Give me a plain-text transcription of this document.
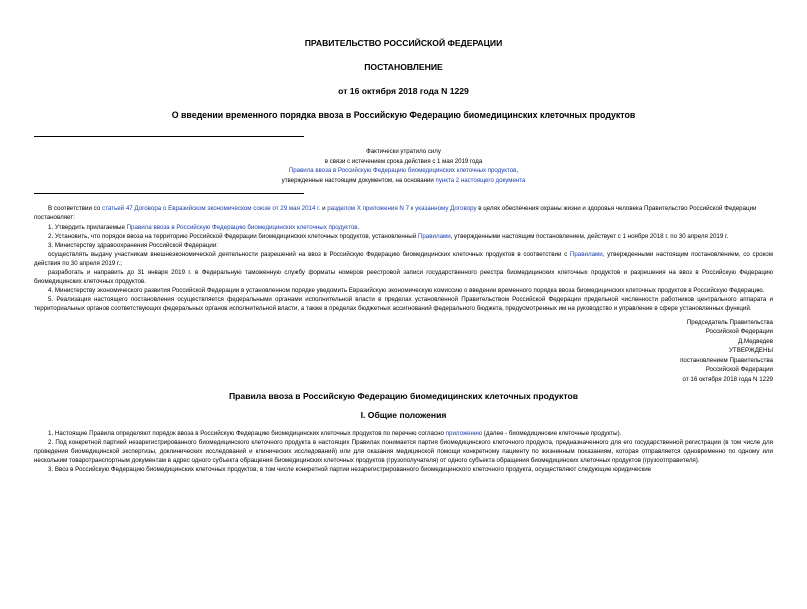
ПРАВИТЕЛЬСТВО РОССИЙСКОЙ ФЕДЕРАЦИИ
ПОСТАНОВЛЕНИЕ
от 16 октября 2018 года N 1229
О введении временного порядка ввоза в Российскую Федерацию биомедицинских клеточных продуктов
Фактически утратило силу
в связи с истечением срока действия с 1 мая 2019 года
Правила ввоза в Российскую Федерацию биомедицинских клеточных продуктов,
утвержденные настоящим документом, на основании пункта 2 настоящего документа

В соответствии со статьей 47 Договора о Евразийском экономическом союзе от 29 мая 2014 г. и разделом X приложения N 7 к указанному Договору в целях обеспечения охраны жизни и здоровья человека Правительство Российской Федерации

постановляет:

1. Утвердить прилагаемые Правила ввоза в Российскую Федерацию биомедицинских клеточных продуктов.

2. Установить, что порядок ввоза на территорию Российской Федерации биомедицинских клеточных продуктов, установленный Правилами, утвержденными настоящим постановлением, действует с 1 ноября 2018 г. по 30 апреля 2019 г.

3. Министерству здравоохранения Российской Федерации:

осуществлять выдачу участникам внешнеэкономической деятельности разрешений на ввоз в Российскую Федерацию биомедицинских клеточных продуктов в соответствии с Правилами, утвержденными настоящим постановлением, со сроком действия по 30 апреля 2019 г.;

разработать и направить до 31 января 2019 г. в Федеральную таможенную службу форматы номеров реестровой записи государственного реестра биомедицинских клеточных продуктов и разрешения на ввоз в Российскую Федерацию биомедицинских клеточных продуктов.

4. Министерству экономического развития Российской Федерации в установленном порядке уведомить Евразийскую экономическую комиссию о введении временного порядка ввоза биомедицинских клеточных продуктов в Российскую Федерацию.

5. Реализация настоящего постановления осуществляется федеральными органами исполнительной власти в пределах установленной Правительством Российской Федерации предельной численности работников центрального аппарата и территориальных органов соответствующих федеральных органов исполнительной власти, а также в пределах бюджетных ассигнований федерального бюджета, предусмотренных им на руководство и управление в сфере установленных функций.

Председатель Правительства
Российской Федерации
Д.Медведев
УТВЕРЖДЕНЫ
постановлением Правительства
Российской Федерации
от 16 октября 2018 года N 1229
Правила ввоза в Российскую Федерацию биомедицинских клеточных продуктов
I. Общие положения

1. Настоящие Правила определяют порядок ввоза в Российскую Федерацию биомедицинских клеточных продуктов по перечню согласно приложению (далее - биомедицинские клеточные продукты).

2. Под конкретной партией незарегистрированного биомедицинского клеточного продукта в настоящих Правилах понимается партия биомедицинского клеточного продукта, предназначенного для его государственной регистрации (в том числе для проведения биомедицинской экспертизы, доклинических исследований и клинических исследований) или для оказания медицинской помощи конкретному пациенту по жизненным показаниям, которая отправляется одновременно по одному или нескольким товаротранспортным документам в адрес одного субъекта обращения биомедицинских клеточных продуктов (грузополучателя) от одного субъекта обращения биомедицинских клеточных продуктов (грузоотправителя).

3. Ввоз в Российскую Федерацию биомедицинских клеточных продуктов, в том числе конкретной партии незарегистрированного биомедицинского клеточного продукта, осуществляют следующие юридические
